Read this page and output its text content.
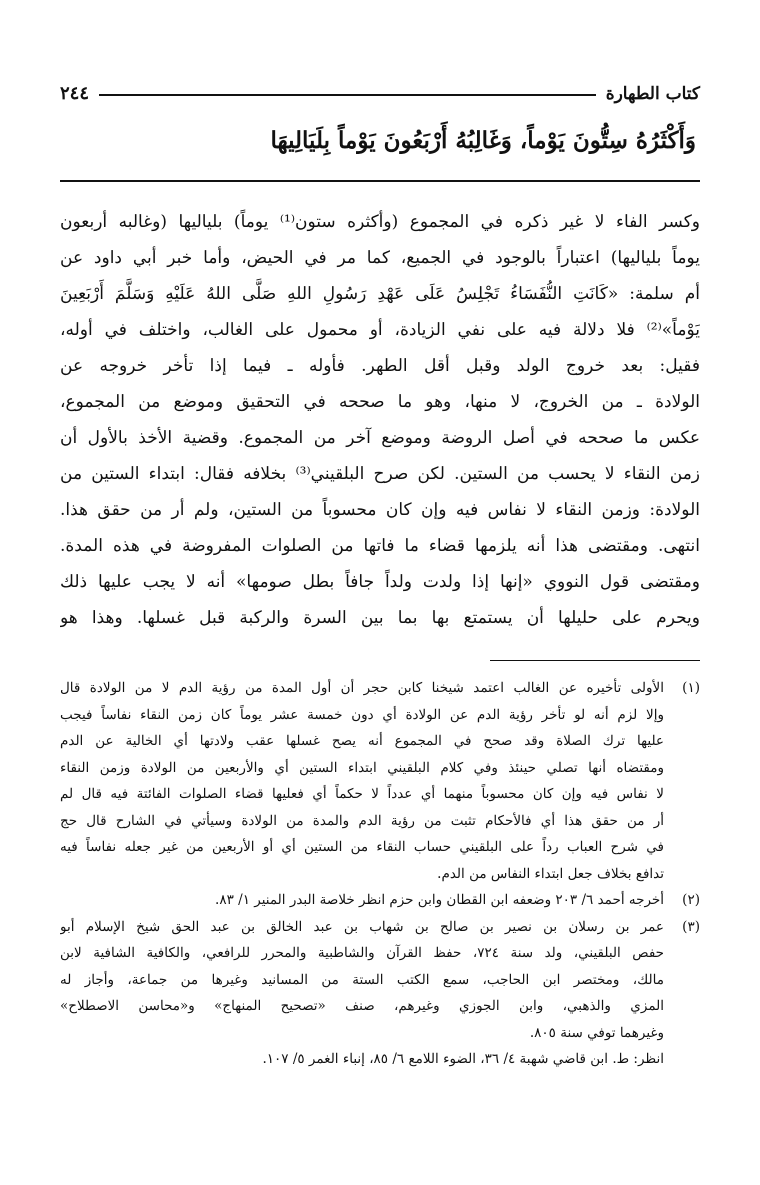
كتاب الطهارة
٢٤٤
وَأَكْثَرُهُ سِتُّونَ يَوْماً، وَغَالِبُهُ أَرْبَعُونَ يَوْماً بِلَيَالِيهَا
وكسر الفاء لا غير ذكره في المجموع (وأكثره ستون⁽¹⁾ يوماً) بلياليها (وغالبه أربعون
يوماً بلياليها) اعتباراً بالوجود في الجميع، كما مر في الحيض، وأما خبر أبي داود عن
أم سلمة: «كَانَتِ النُّفَسَاءُ تَجْلِسُ عَلَى عَهْدِ رَسُولِ اللهِ صَلَّى اللهُ عَلَيْهِ وَسَلَّمَ أَرْبَعِينَ
يَوْماً»⁽²⁾ فلا دلالة فيه على نفي الزيادة، أو محمول على الغالب، واختلف في أوله،
فقيل: بعد خروج الولد وقبل أقل الطهر. فأوله ـ فيما إذا تأخر خروجه عن
الولادة ـ من الخروج، لا منها، وهو ما صححه في التحقيق وموضع من المجموع،
عكس ما صححه في أصل الروضة وموضع آخر من المجموع. وقضية الأخذ بالأول أن
زمن النقاء لا يحسب من الستين. لكن صرح البلقيني⁽³⁾ بخلافه فقال: ابتداء الستين من
الولادة: وزمن النقاء لا نفاس فيه وإن كان محسوباً من الستين، ولم أر من حقق هذا.
انتهى. ومقتضى هذا أنه يلزمها قضاء ما فاتها من الصلوات المفروضة في هذه المدة.
ومقتضى قول النووي «إنها إذا ولدت ولداً جافاً بطل صومها» أنه لا يجب عليها ذلك
ويحرم على حليلها أن يستمتع بها بما بين السرة والركبة قبل غسلها. وهذا هو
(١)
الأولى تأخيره عن الغالب اعتمد شيخنا كابن حجر أن أول المدة من رؤية الدم لا من الولادة قال
وإلا لزم أنه لو تأخر رؤية الدم عن الولادة أي دون خمسة عشر يوماً كان زمن النقاء نفاساً فيجب
عليها ترك الصلاة وقد صحح في المجموع أنه يصح غسلها عقب ولادتها أي الخالية عن الدم
ومقتضاه أنها تصلي حينئذ وفي كلام البلقيني ابتداء الستين أي والأربعين من الولادة وزمن النقاء
لا نفاس فيه وإن كان محسوباً منهما أي عدداً لا حكماً أي فعليها قضاء الصلوات الفائتة فيه قال لم
أر من حقق هذا أي فالأحكام تثبت من رؤية الدم والمدة من الولادة وسيأتي في الشارح قال حج
في شرح العباب رداً على البلقيني حساب النقاء من الستين أي أو الأربعين من غير جعله نفاساً فيه
تدافع بخلاف جعل ابتداء النفاس من الدم.
(٢)
أخرجه أحمد ٦/ ٢٠٣ وضعفه ابن القطان وابن حزم انظر خلاصة البدر المنير ١/ ٨٣.
(٣)
عمر بن رسلان بن نصير بن صالح بن شهاب بن عبد الخالق بن عبد الحق شيخ الإسلام أبو
حفص البلقيني، ولد سنة ٧٢٤، حفظ القرآن والشاطبية والمحرر للرافعي، والكافية الشافية لابن
مالك، ومختصر ابن الحاجب، سمع الكتب الستة من المسانيد وغيرها من جماعة، وأجاز له
المزي والذهبي، وابن الجوزي وغيرهم، صنف «تصحيح المنهاج» و«محاسن الاصطلاح»
وغيرهما توفي سنة ٨٠٥.
انظر: ط. ابن قاضي شهبة ٤/ ٣٦، الضوء اللامع ٦/ ٨٥، إنباء الغمر ٥/ ١٠٧.
